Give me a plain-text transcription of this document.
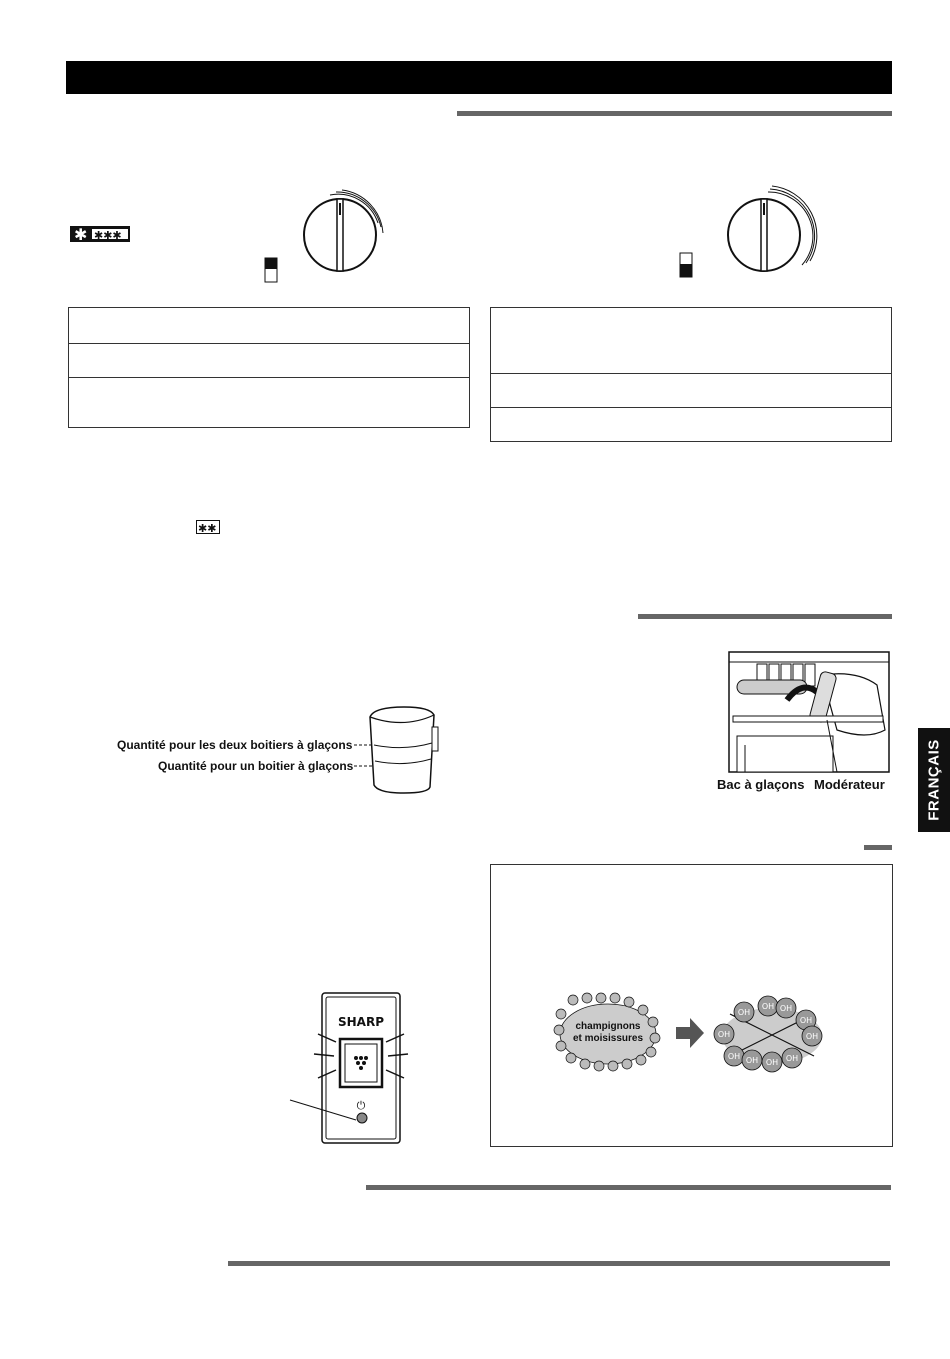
✱ ✱✱✱
✱✱
Quantité pour les deux boitiers à glaçons
Quantité pour un boitier à glaçons
Bac à glaçons Modérateur	FRANÇAIS
champignons
et moisissures
OH
OH OH
OH
OH
OH
OH OH OH OH
SHARP
⏻
